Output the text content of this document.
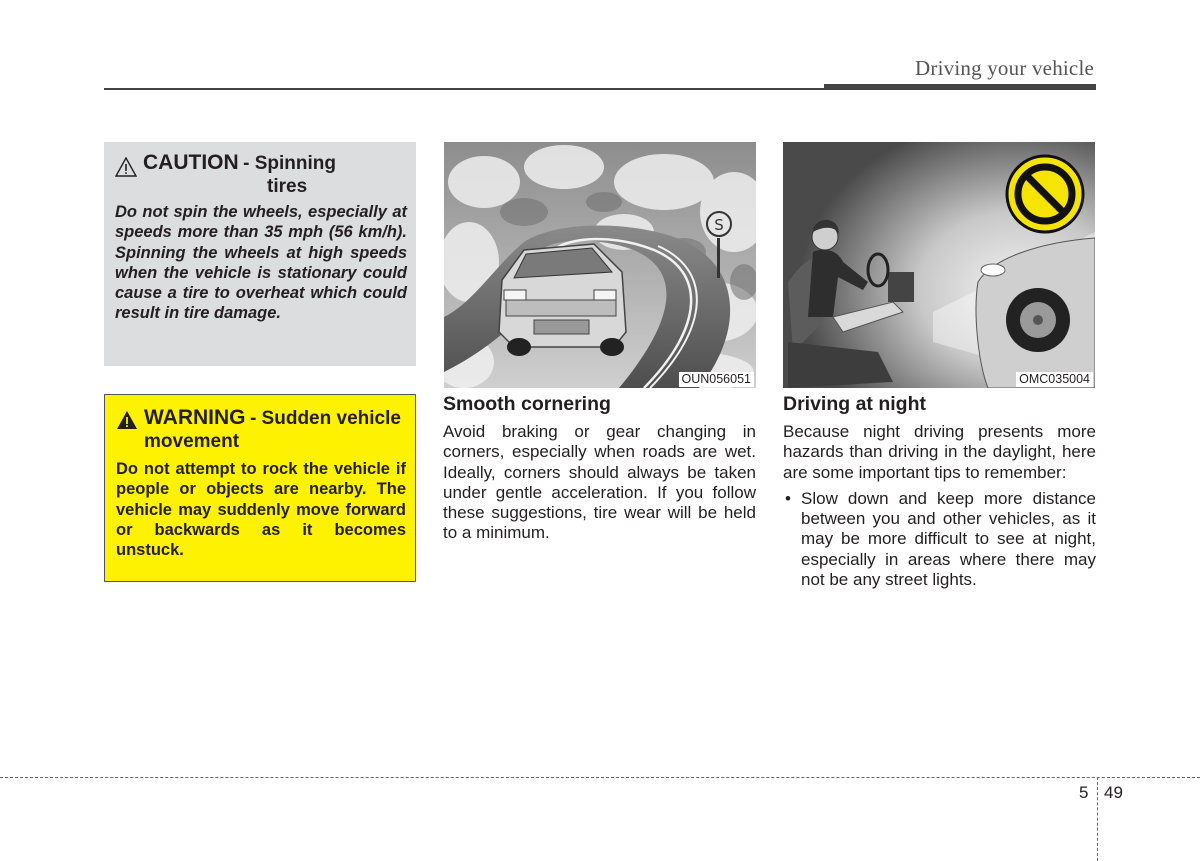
Driving your vehicle
CAUTION - Spinning
tires

Do not spin the wheels, especially at speeds more than 35 mph (56 km/h). Spinning the wheels at high speeds when the vehicle is stationary could cause a tire to overheat which could result in tire damage.

WARNING - Sudden vehicle movement

Do not attempt to rock the vehicle if people or objects are nearby. The vehicle may suddenly move forward or backwards as it becomes unstuck.

S
OUN056051	OMC035004
Smooth cornering

Avoid braking or gear changing in corners, especially when roads are wet. Ideally, corners should always be taken under gentle acceleration. If you follow these suggestions, tire wear will be held to a minimum.

Driving at night

Because night driving presents more hazards than driving in the daylight, here are some important tips to remember:

• Slow down and keep more distance between you and other vehicles, as it may be more difficult to see at night, especially in areas where there may not be any street lights.
5 49
